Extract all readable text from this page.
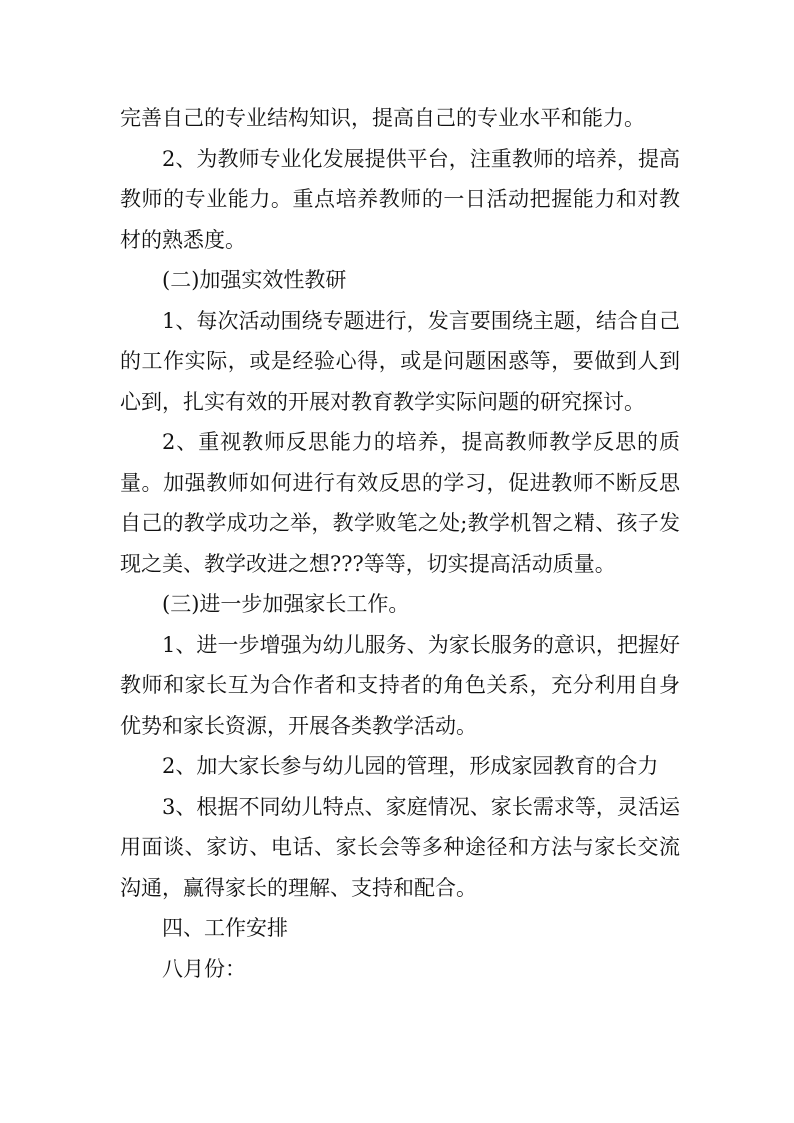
完善自己的专业结构知识，提高自己的专业水平和能力。

2、为教师专业化发展提供平台，注重教师的培养，提高教师的专业能力。重点培养教师的一日活动把握能力和对教材的熟悉度。

(二)加强实效性教研

1、每次活动围绕专题进行，发言要围绕主题，结合自己的工作实际，或是经验心得，或是问题困惑等，要做到人到心到，扎实有效的开展对教育教学实际问题的研究探讨。

2、重视教师反思能力的培养，提高教师教学反思的质量。加强教师如何进行有效反思的学习，促进教师不断反思自己的教学成功之举，教学败笔之处;教学机智之精、孩子发现之美、教学改进之想???等等，切实提高活动质量。

(三)进一步加强家长工作。

1、进一步增强为幼儿服务、为家长服务的意识，把握好教师和家长互为合作者和支持者的角色关系，充分利用自身优势和家长资源，开展各类教学活动。

2、加大家长参与幼儿园的管理，形成家园教育的合力

3、根据不同幼儿特点、家庭情况、家长需求等，灵活运用面谈、家访、电话、家长会等多种途径和方法与家长交流沟通，赢得家长的理解、支持和配合。

四、工作安排

八月份：
